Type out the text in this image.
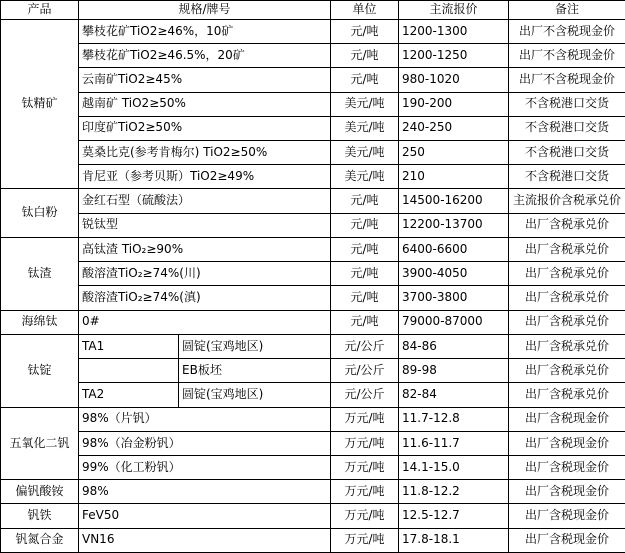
产品	规格/牌号		单位	主流报价	备注
钛精矿	攀枝花矿TiO2≥46%，10矿		元/吨	1200-1300	出厂不含税现金价
	攀枝花矿TiO2≥46.5%，20矿		元/吨	1200-1250	出厂不含税现金价
	云南矿TiO2≥45%		元/吨	980-1020	出厂不含税现金价
	越南矿 TiO2≥50%		美元/吨	190-200	不含税港口交货
	印度矿TiO2≥50%		美元/吨	240-250	不含税港口交货
	莫桑比克(参考肯梅尔) TiO2≥50%		美元/吨	250	不含税港口交货
	肯尼亚（参考贝斯）TiO2≥49%		美元/吨	210	不含税港口交货
钛白粉	金红石型（硫酸法）		元/吨	14500-16200	主流报价含税承兑价
	锐钛型		元/吨	12200-13700	出厂含税承兑价
钛渣	高钛渣 TiO₂≥90%		元/吨	6400-6600	出厂含税承兑价
	酸溶渣TiO₂≥74%(川)		元/吨	3900-4050	出厂含税承兑价
	酸溶渣TiO₂≥74%(滇)		元/吨	3700-3800	出厂含税承兑价
海绵钛	0#		元/吨	79000-87000	出厂含税承兑价
钛锭	TA1	圆锭(宝鸡地区)	元/公斤	84-86	出厂含税承兑价
		EB板坯	元/公斤	89-98	出厂含税承兑价
	TA2	圆锭(宝鸡地区)	元/公斤	82-84	出厂含税承兑价
五氧化二钒	98%（片钒）		万元/吨	11.7-12.8	出厂含税现金价
	98%（冶金粉钒）		万元/吨	11.6-11.7	出厂含税现金价
	99%（化工粉钒）		万元/吨	14.1-15.0	出厂含税现金价
偏钒酸铵	98%		万元/吨	11.8-12.2	出厂含税现金价
钒铁	FeV50		万元/吨	12.5-12.7	出厂含税现金价
钒氮合金	VN16		万元/吨	17.8-18.1	出厂含税现金价
